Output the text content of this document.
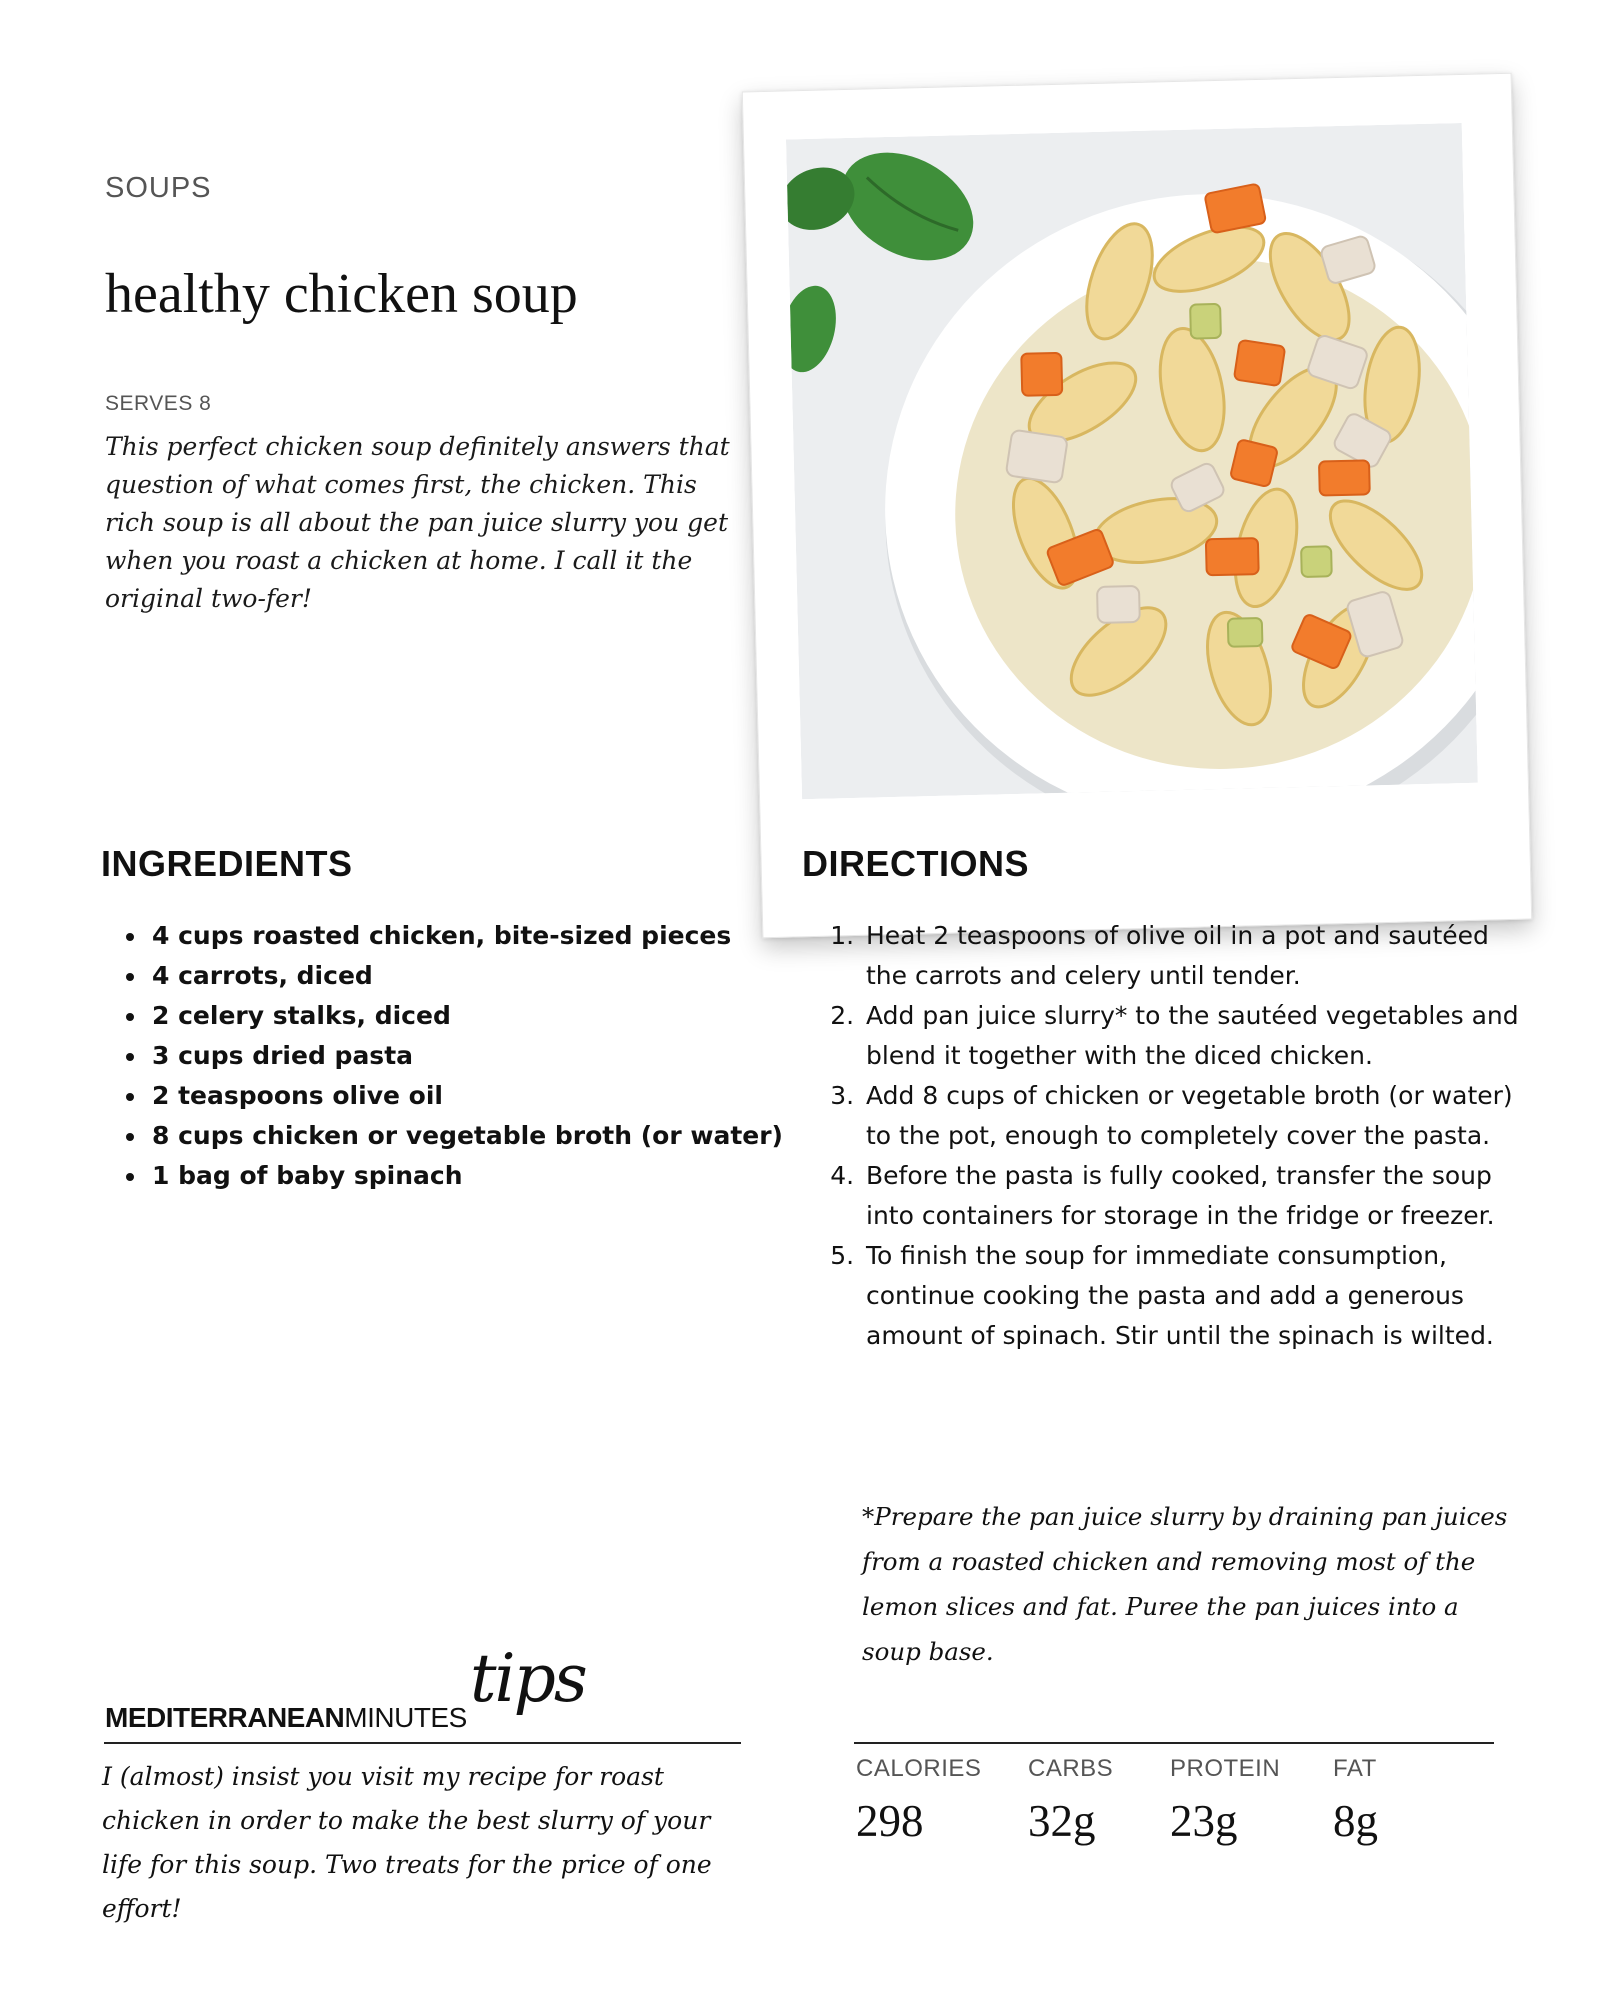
SOUPS
healthy chicken soup
SERVES 8
This perfect chicken soup definitely answers that question of what comes first, the chicken. This rich soup is all about the pan juice slurry you get when you roast a chicken at home. I call it the original two-fer!
INGREDIENTS
• 4 cups roasted chicken, bite-sized pieces
• 4 carrots, diced
• 2 celery stalks, diced
• 3 cups dried pasta
• 2 teaspoons olive oil
• 8 cups chicken or vegetable broth (or water)
• 1 bag of baby spinach
DIRECTIONS
1. Heat 2 teaspoons of olive oil in a pot and sautéed the carrots and celery until tender.
2. Add pan juice slurry* to the sautéed vegetables and blend it together with the diced chicken.
3. Add 8 cups of chicken or vegetable broth (or water) to the pot, enough to completely cover the pasta.
4. Before the pasta is fully cooked, transfer the soup into containers for storage in the fridge or freezer.
5. To finish the soup for immediate consumption, continue cooking the pasta and add a generous amount of spinach. Stir until the spinach is wilted.
*Prepare the pan juice slurry by draining pan juices from a roasted chicken and removing most of the lemon slices and fat. Puree the pan juices into a soup base.
MEDITERRANEANMINUTES
tips
I (almost) insist you visit my recipe for roast chicken in order to make the best slurry of your life for this soup. Two treats for the price of one effort!
CALORIES
298
CARBS
32g
PROTEIN
23g
FAT
8g
